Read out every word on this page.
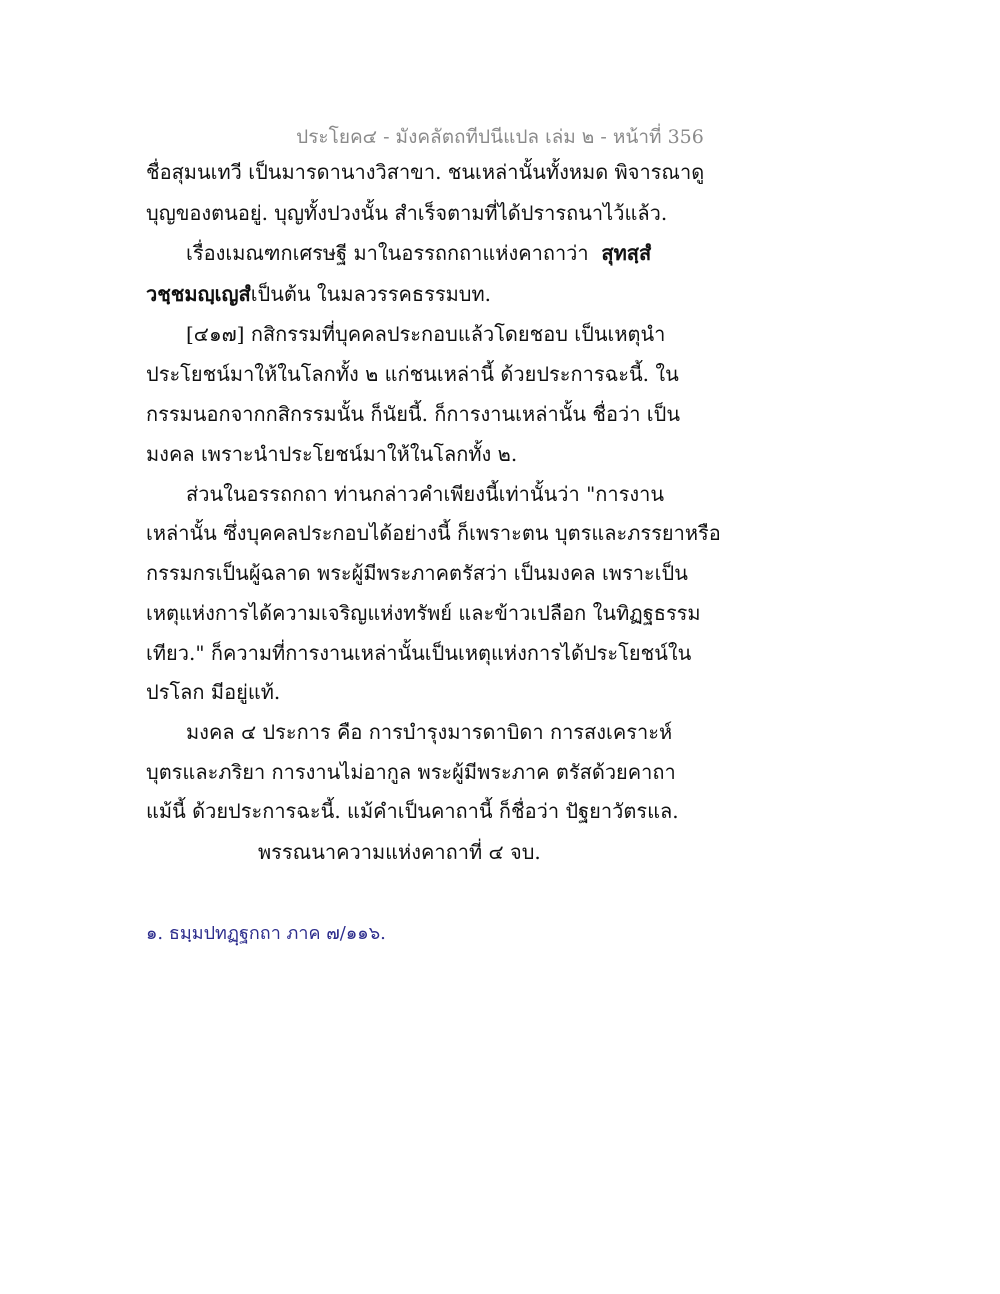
ประโยค๔ - มังคลัตถทีปนีแปล เล่ม ๒ - หน้าที่ 356
ชื่อสุมนเทวี เป็นมารดานางวิสาขา. ชนเหล่านั้นทั้งหมด พิจารณาดู
บุญของตนอยู่. บุญทั้งปวงนั้น สำเร็จตามที่ได้ปรารถนาไว้แล้ว.
เรื่องเมณฑกเศรษฐี มาในอรรถกถาแห่งคาถาว่า สุทสฺสํ
วชฺชมญฺเญสํเป็นต้น ในมลวรรคธรรมบท.
[๔๑๗] กสิกรรมที่บุคคลประกอบแล้วโดยชอบ เป็นเหตุนำ
ประโยชน์มาให้ในโลกทั้ง ๒ แก่ชนเหล่านี้ ด้วยประการฉะนี้. ใน
กรรมนอกจากกสิกรรมนั้น ก็นัยนี้. ก็การงานเหล่านั้น ชื่อว่า เป็น
มงคล เพราะนำประโยชน์มาให้ในโลกทั้ง ๒.
ส่วนในอรรถกถา ท่านกล่าวคำเพียงนี้เท่านั้นว่า "การงาน
เหล่านั้น ซึ่งบุคคลประกอบได้อย่างนี้ ก็เพราะตน บุตรและภรรยาหรือ
กรรมกรเป็นผู้ฉลาด พระผู้มีพระภาคตรัสว่า เป็นมงคล เพราะเป็น
เหตุแห่งการได้ความเจริญแห่งทรัพย์ และข้าวเปลือก ในทิฏฐธรรม
เทียว." ก็ความที่การงานเหล่านั้นเป็นเหตุแห่งการได้ประโยชน์ใน
ปรโลก มีอยู่แท้.
มงคล ๔ ประการ คือ การบำรุงมารดาบิดา การสงเคราะห์
บุตรและภริยา การงานไม่อากูล พระผู้มีพระภาค ตรัสด้วยคาถา
แม้นี้ ด้วยประการฉะนี้. แม้คำเป็นคาถานี้ ก็ชื่อว่า ปัฐยาวัตรแล.
พรรณนาความแห่งคาถาที่ ๔ จบ.
๑. ธมฺมปทฏฺฐกถา ภาค ๗/๑๑๖.
